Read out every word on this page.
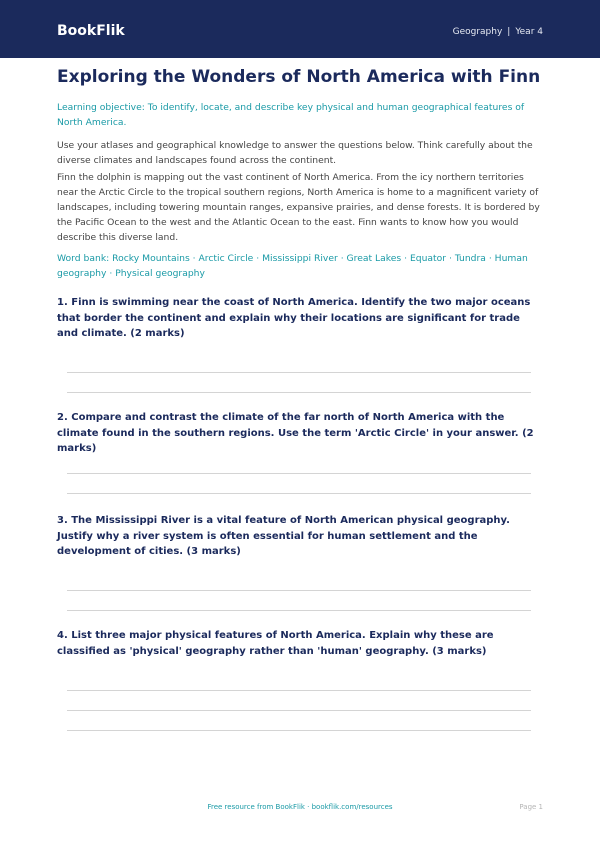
BookFlik	Geography | Year 4
Exploring the Wonders of North America with Finn

Learning objective: To identify, locate, and describe key physical and human geographical features of North America.

Use your atlases and geographical knowledge to answer the questions below. Think carefully about the diverse climates and landscapes found across the continent.

Finn the dolphin is mapping out the vast continent of North America. From the icy northern territories near the Arctic Circle to the tropical southern regions, North America is home to a magnificent variety of landscapes, including towering mountain ranges, expansive prairies, and dense forests. It is bordered by the Pacific Ocean to the west and the Atlantic Ocean to the east. Finn wants to know how you would describe this diverse land.

Word bank: Rocky Mountains · Arctic Circle · Mississippi River · Great Lakes · Equator · Tundra · Human geography · Physical geography

1. Finn is swimming near the coast of North America. Identify the two major oceans that border the continent and explain why their locations are significant for trade and climate. (2 marks)

2. Compare and contrast the climate of the far north of North America with the climate found in the southern regions. Use the term 'Arctic Circle' in your answer. (2 marks)

3. The Mississippi River is a vital feature of North American physical geography. Justify why a river system is often essential for human settlement and the development of cities. (3 marks)

4. List three major physical features of North America. Explain why these are classified as 'physical' geography rather than 'human' geography. (3 marks)

Free resource from BookFlik · bookflik.com/resources	Page 1
